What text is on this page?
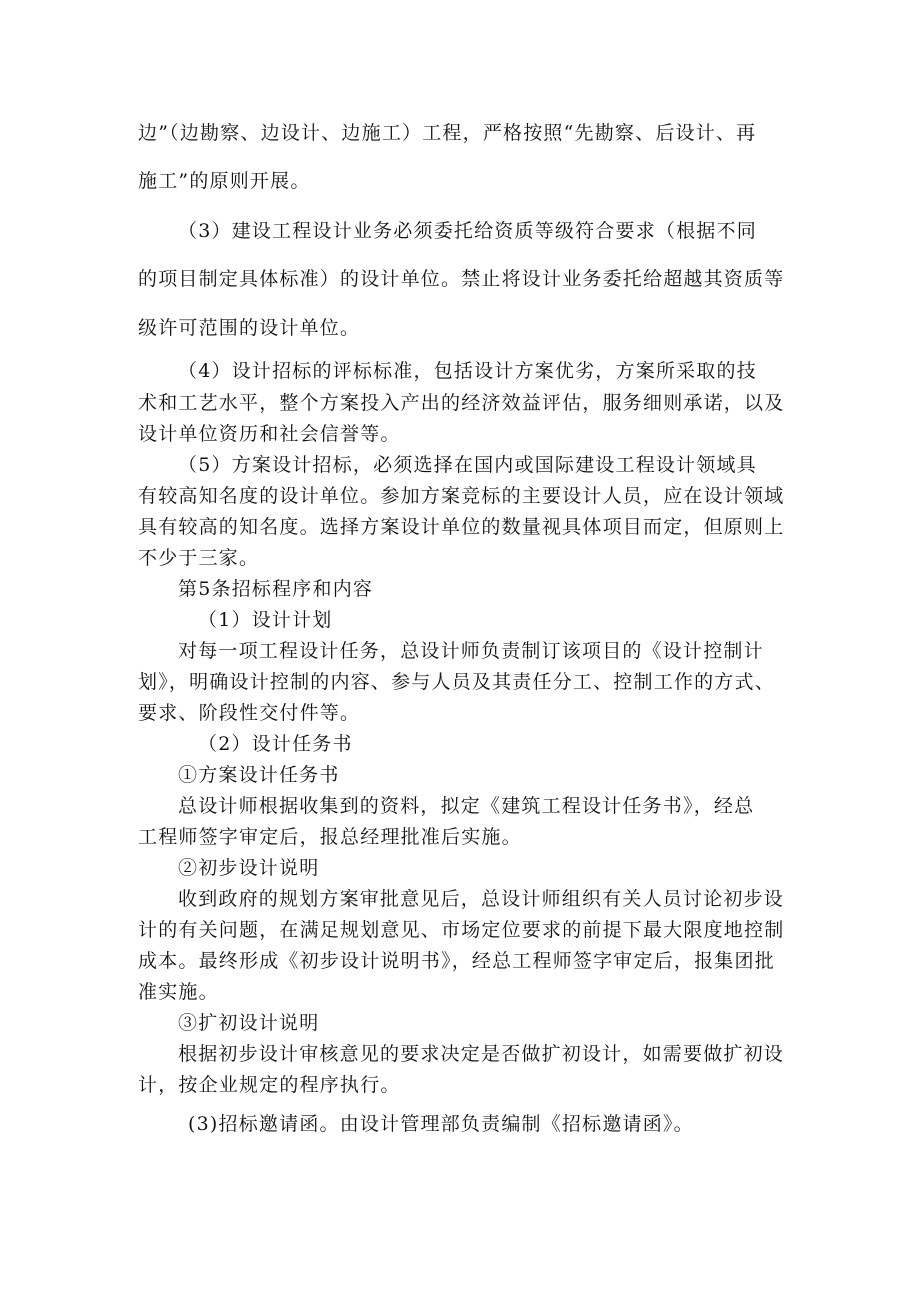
边”（边勘察、边设计、边施工）工程，严格按照“先勘察、后设计、再
施工”的原则开展。
（3）建设工程设计业务必须委托给资质等级符合要求（根据不同
的项目制定具体标准）的设计单位。禁止将设计业务委托给超越其资质等
级许可范围的设计单位。
（4）设计招标的评标标准，包括设计方案优劣，方案所采取的技
术和工艺水平，整个方案投入产出的经济效益评估，服务细则承诺，以及
设计单位资历和社会信誉等。
（5）方案设计招标，必须选择在国内或国际建设工程设计领域具
有较高知名度的设计单位。参加方案竞标的主要设计人员，应在设计领域
具有较高的知名度。选择方案设计单位的数量视具体项目而定，但原则上
不少于三家。
第5条招标程序和内容
（1）设计计划
对每一项工程设计任务，总设计师负责制订该项目的《设计控制计
划》，明确设计控制的内容、参与人员及其责任分工、控制工作的方式、
要求、阶段性交付件等。
（2）设计任务书
①方案设计任务书
总设计师根据收集到的资料，拟定《建筑工程设计任务书》，经总
工程师签字审定后，报总经理批准后实施。
②初步设计说明
收到政府的规划方案审批意见后，总设计师组织有关人员讨论初步设
计的有关问题，在满足规划意见、市场定位要求的前提下最大限度地控制
成本。最终形成《初步设计说明书》，经总工程师签字审定后，报集团批
准实施。
③扩初设计说明
根据初步设计审核意见的要求决定是否做扩初设计，如需要做扩初设
计，按企业规定的程序执行。
(3)招标邀请函。由设计管理部负责编制《招标邀请函》。
